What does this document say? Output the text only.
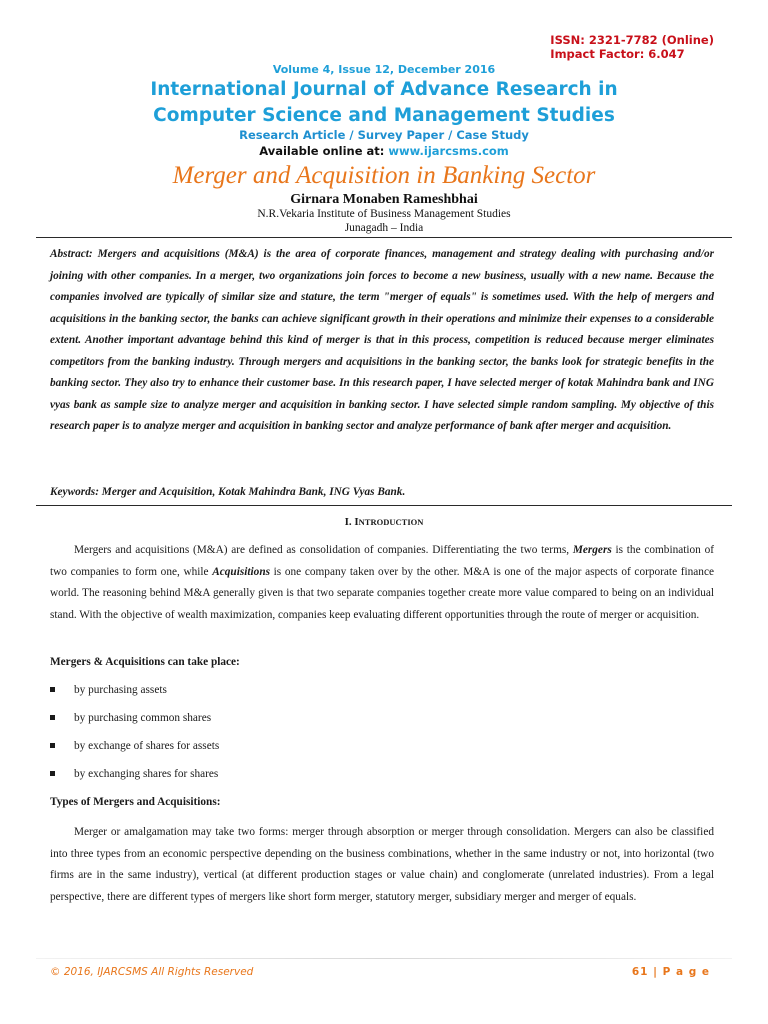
ISSN: 2321-7782 (Online)
Impact Factor: 6.047
Volume 4, Issue 12, December 2016
International Journal of Advance Research in
Computer Science and Management Studies
Research Article / Survey Paper / Case Study
Available online at: www.ijarcsms.com
Merger and Acquisition in Banking Sector
Girnara Monaben Rameshbhai
N.R.Vekaria Institute of Business Management Studies
Junagadh – India
Abstract: Mergers and acquisitions (M&A) is the area of corporate finances, management and strategy dealing with purchasing and/or joining with other companies. In a merger, two organizations join forces to become a new business, usually with a new name. Because the companies involved are typically of similar size and stature, the term "merger of equals" is sometimes used. With the help of mergers and acquisitions in the banking sector, the banks can achieve significant growth in their operations and minimize their expenses to a considerable extent. Another important advantage behind this kind of merger is that in this process, competition is reduced because merger eliminates competitors from the banking industry. Through mergers and acquisitions in the banking sector, the banks look for strategic benefits in the banking sector. They also try to enhance their customer base. In this research paper, I have selected merger of kotak Mahindra bank and ING vyas bank as sample size to analyze merger and acquisition in banking sector. I have selected simple random sampling. My objective of this research paper is to analyze merger and acquisition in banking sector and analyze performance of bank after merger and acquisition.
Keywords: Merger and Acquisition, Kotak Mahindra Bank, ING Vyas Bank.
I. INTRODUCTION
Mergers and acquisitions (M&A) are defined as consolidation of companies. Differentiating the two terms, Mergers is the combination of two companies to form one, while Acquisitions is one company taken over by the other. M&A is one of the major aspects of corporate finance world. The reasoning behind M&A generally given is that two separate companies together create more value compared to being on an individual stand. With the objective of wealth maximization, companies keep evaluating different opportunities through the route of merger or acquisition.
Mergers & Acquisitions can take place:
by purchasing assets
by purchasing common shares
by exchange of shares for assets
by exchanging shares for shares
Types of Mergers and Acquisitions:
Merger or amalgamation may take two forms: merger through absorption or merger through consolidation. Mergers can also be classified into three types from an economic perspective depending on the business combinations, whether in the same industry or not, into horizontal (two firms are in the same industry), vertical (at different production stages or value chain) and conglomerate (unrelated industries). From a legal perspective, there are different types of mergers like short form merger, statutory merger, subsidiary merger and merger of equals.
© 2016, IJARCSMS All Rights Reserved	61 | P a g e
